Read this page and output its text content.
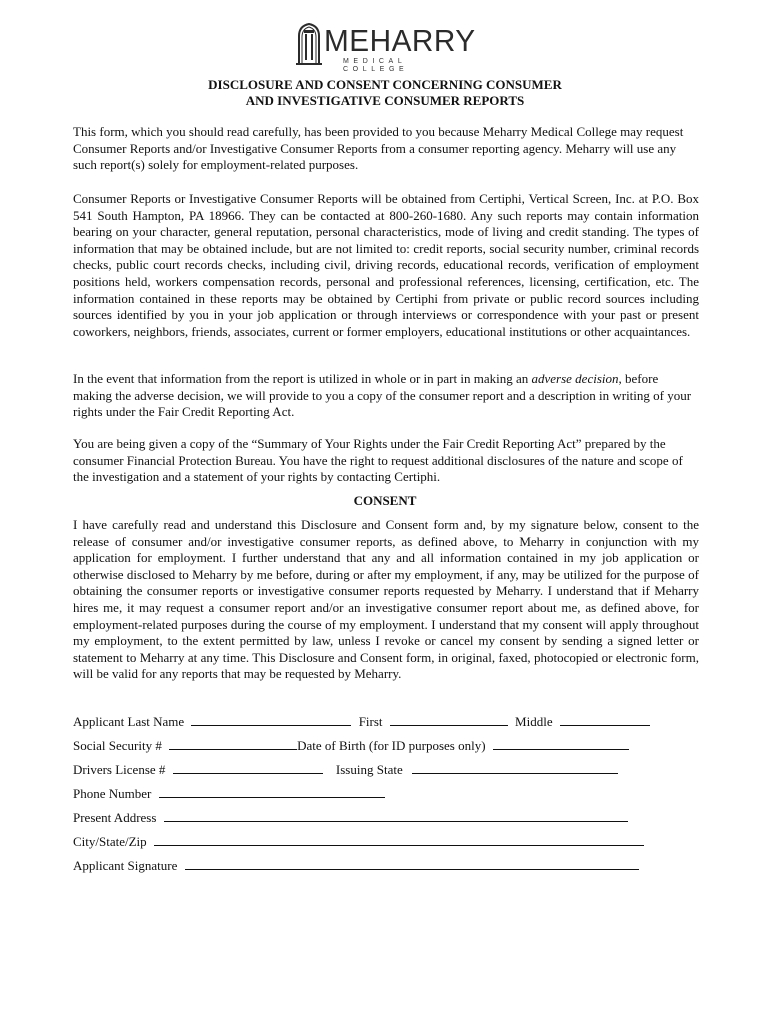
MEHARRY
MEDICAL COLLEGE
DISCLOSURE AND CONSENT CONCERNING CONSUMER
AND INVESTIGATIVE CONSUMER REPORTS

This form, which you should read carefully, has been provided to you because Meharry Medical College may request Consumer Reports and/or Investigative Consumer Reports from a consumer reporting agency. Meharry will use any such report(s) solely for employment-related purposes.

Consumer Reports or Investigative Consumer Reports will be obtained from Certiphi, Vertical Screen, Inc. at P.O. Box 541 South Hampton, PA 18966. They can be contacted at 800-260-1680. Any such reports may contain information bearing on your character, general reputation, personal characteristics, mode of living and credit standing. The types of information that may be obtained include, but are not limited to: credit reports, social security number, criminal records checks, public court records checks, including civil, driving records, educational records, verification of employment positions held, workers compensation records, personal and professional references, licensing, certification, etc. The information contained in these reports may be obtained by Certiphi from private or public record sources including sources identified by you in your job application or through interviews or correspondence with your past or present coworkers, neighbors, friends, associates, current or former employers, educational institutions or other acquaintances.

In the event that information from the report is utilized in whole or in part in making an adverse decision, before making the adverse decision, we will provide to you a copy of the consumer report and a description in writing of your rights under the Fair Credit Reporting Act.

You are being given a copy of the “Summary of Your Rights under the Fair Credit Reporting Act” prepared by the consumer Financial Protection Bureau. You have the right to request additional disclosures of the nature and scope of the investigation and a statement of your rights by contacting Certiphi.

CONSENT

I have carefully read and understand this Disclosure and Consent form and, by my signature below, consent to the release of consumer and/or investigative consumer reports, as defined above, to Meharry in conjunction with my application for employment. I further understand that any and all information contained in my job application or otherwise disclosed to Meharry by me before, during or after my employment, if any, may be utilized for the purpose of obtaining the consumer reports or investigative consumer reports requested by Meharry. I understand that if Meharry hires me, it may request a consumer report and/or an investigative consumer report about me, as defined above, for employment-related purposes during the course of my employment. I understand that my consent will apply throughout my employment, to the extent permitted by law, unless I revoke or cancel my consent by sending a signed letter or statement to Meharry at any time. This Disclosure and Consent form, in original, faxed, photocopied or electronic form, will be valid for any reports that may be requested by Meharry.

Applicant Last Name	First	Middle
Social Security #	Date of Birth (for ID purposes only)
Drivers License #	Issuing State
Phone Number
Present Address
City/State/Zip
Applicant Signature
